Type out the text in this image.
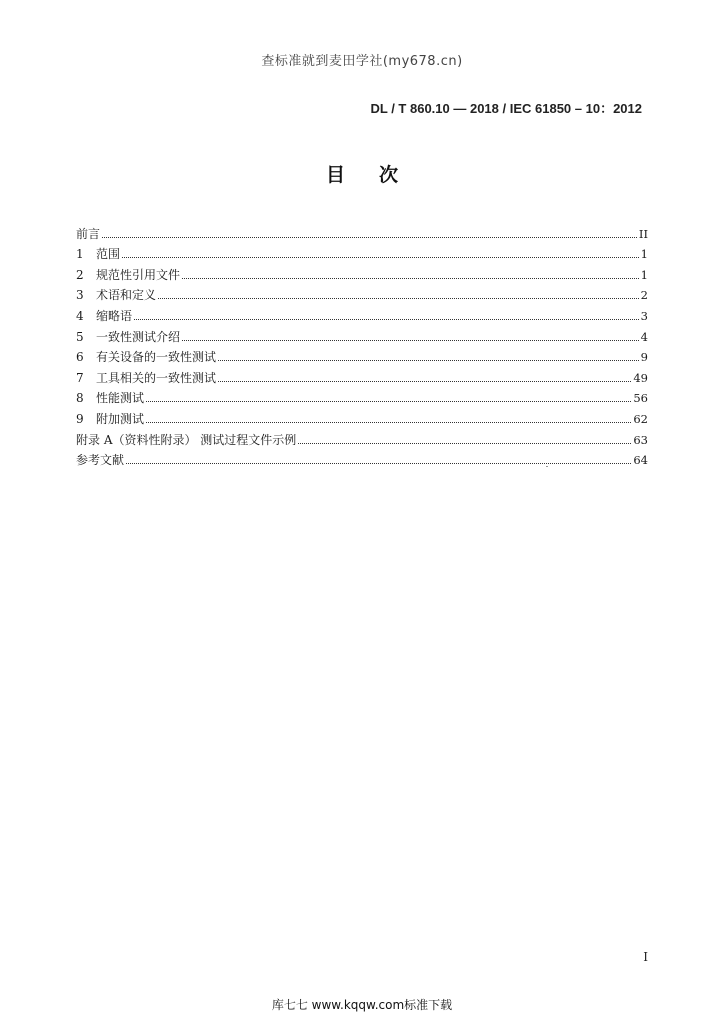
查标准就到麦田学社(my678.cn)
DL / T 860.10 — 2018 / IEC 61850 – 10：2012
目次
前言	II
1	范围	1
2	规范性引用文件	1
3	术语和定义	2
4	缩略语	3
5	一致性测试介绍	4
6	有关设备的一致性测试	9
7	工具相关的一致性测试	49
8	性能测试	56
9	附加测试	62
附录 A（资料性附录） 测试过程文件示例	63
参考文献	64
I
库七七 www.kqqw.com标准下载
